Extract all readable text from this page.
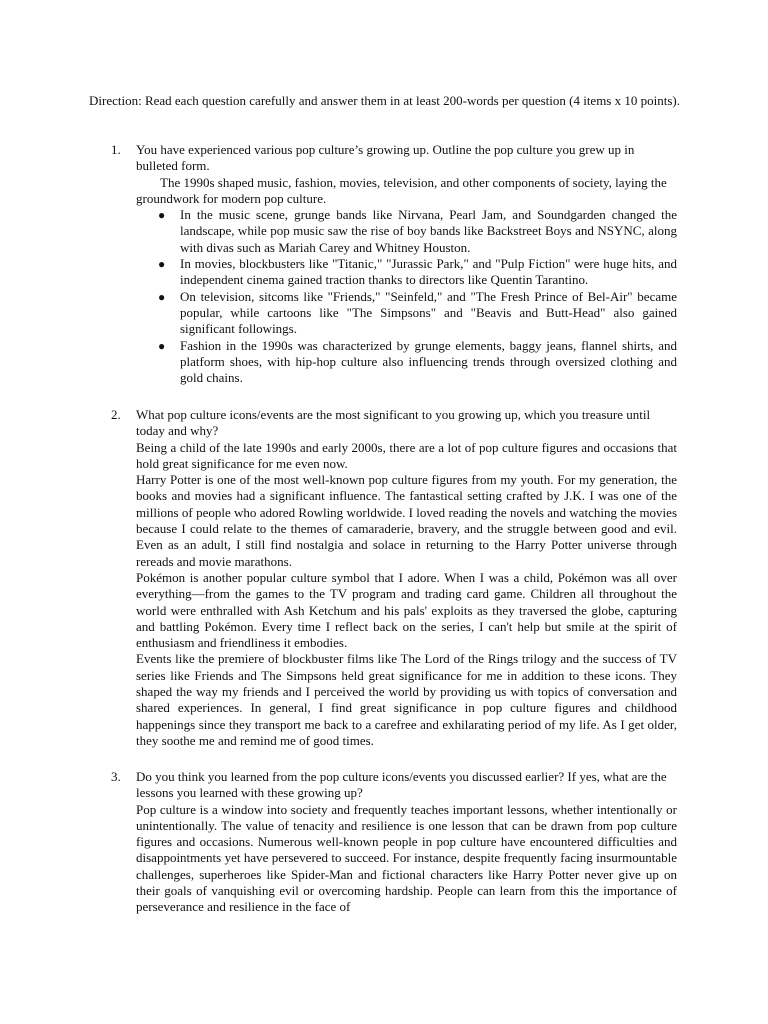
Direction: Read each question carefully and answer them in at least 200-words per question (4 items x 10 points).

1. You have experienced various pop culture’s growing up. Outline the pop culture you grew up in bulleted form.

The 1990s shaped music, fashion, movies, television, and other components of society, laying the groundwork for modern pop culture.

● In the music scene, grunge bands like Nirvana, Pearl Jam, and Soundgarden changed the landscape, while pop music saw the rise of boy bands like Backstreet Boys and NSYNC, along with divas such as Mariah Carey and Whitney Houston.
● In movies, blockbusters like "Titanic," "Jurassic Park," and "Pulp Fiction" were huge hits, and independent cinema gained traction thanks to directors like Quentin Tarantino.
● On television, sitcoms like "Friends," "Seinfeld," and "The Fresh Prince of Bel-Air" became popular, while cartoons like "The Simpsons" and "Beavis and Butt-Head" also gained significant followings.
● Fashion in the 1990s was characterized by grunge elements, baggy jeans, flannel shirts, and platform shoes, with hip-hop culture also influencing trends through oversized clothing and gold chains.
2. What pop culture icons/events are the most significant to you growing up, which you treasure until today and why?

Being a child of the late 1990s and early 2000s, there are a lot of pop culture figures and occasions that hold great significance for me even now.

Harry Potter is one of the most well-known pop culture figures from my youth. For my generation, the books and movies had a significant influence. The fantastical setting crafted by J.K. I was one of the millions of people who adored Rowling worldwide. I loved reading the novels and watching the movies because I could relate to the themes of camaraderie, bravery, and the struggle between good and evil. Even as an adult, I still find nostalgia and solace in returning to the Harry Potter universe through rereads and movie marathons.

Pokémon is another popular culture symbol that I adore. When I was a child, Pokémon was all over everything—from the games to the TV program and trading card game. Children all throughout the world were enthralled with Ash Ketchum and his pals' exploits as they traversed the globe, capturing and battling Pokémon. Every time I reflect back on the series, I can't help but smile at the spirit of enthusiasm and friendliness it embodies.

Events like the premiere of blockbuster films like The Lord of the Rings trilogy and the success of TV series like Friends and The Simpsons held great significance for me in addition to these icons. They shaped the way my friends and I perceived the world by providing us with topics of conversation and shared experiences. In general, I find great significance in pop culture figures and childhood happenings since they transport me back to a carefree and exhilarating period of my life. As I get older, they soothe me and remind me of good times.

3. Do you think you learned from the pop culture icons/events you discussed earlier? If yes, what are the lessons you learned with these growing up?

Pop culture is a window into society and frequently teaches important lessons, whether intentionally or unintentionally. The value of tenacity and resilience is one lesson that can be drawn from pop culture figures and occasions. Numerous well-known people in pop culture have encountered difficulties and disappointments yet have persevered to succeed. For instance, despite frequently facing insurmountable challenges, superheroes like Spider-Man and fictional characters like Harry Potter never give up on their goals of vanquishing evil or overcoming hardship. People can learn from this the importance of perseverance and resilience in the face of
